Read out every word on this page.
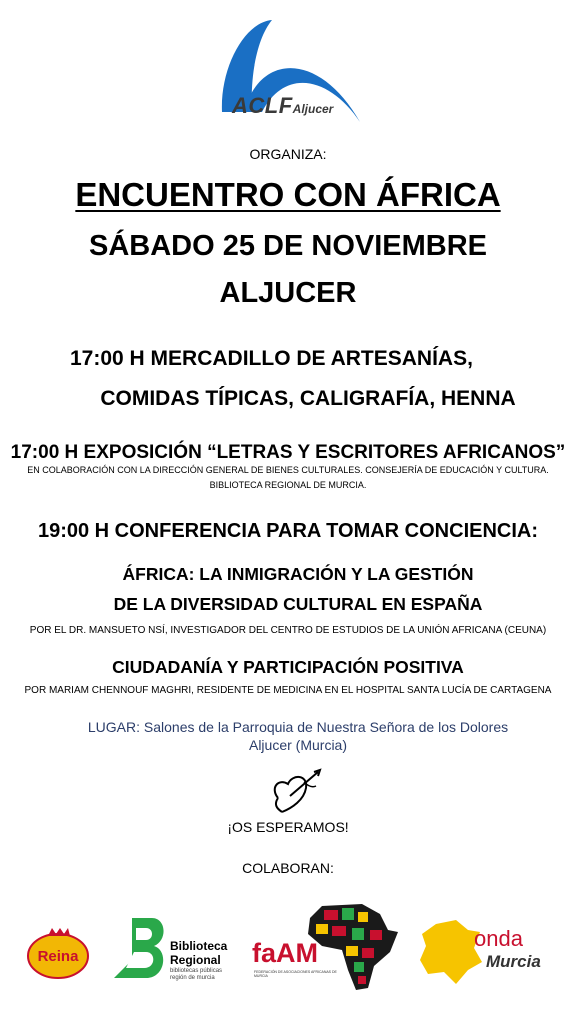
ACLFAljucer
ORGANIZA:
ENCUENTRO CON ÁFRICA
SÁBADO 25 DE NOVIEMBRE
ALJUCER
17:00 H MERCADILLO DE ARTESANÍAS,
COMIDAS TÍPICAS, CALIGRAFÍA, HENNA
17:00 H EXPOSICIÓN “LETRAS Y ESCRITORES AFRICANOS”
EN COLABORACIÓN CON LA DIRECCIÓN GENERAL DE BIENES CULTURALES. CONSEJERÍA DE EDUCACIÓN Y CULTURA.
BIBLIOTECA REGIONAL DE MURCIA.
19:00 H CONFERENCIA PARA TOMAR CONCIENCIA:
ÁFRICA: LA INMIGRACIÓN Y LA GESTIÓN
DE LA DIVERSIDAD CULTURAL EN ESPAÑA
POR EL DR. MANSUETO NSÍ, INVESTIGADOR DEL CENTRO DE ESTUDIOS DE LA UNIÓN AFRICANA (CEUNA)
CIUDADANÍA Y PARTICIPACIÓN POSITIVA
POR MARIAM CHENNOUF MAGHRI, RESIDENTE DE MEDICINA EN EL HOSPITAL SANTA LUCÍA DE CARTAGENA
LUGAR: Salones de la Parroquia de Nuestra Señora de los Dolores
Aljucer (Murcia)
¡OS ESPERAMOS!
COLABORAN:
Reina
Biblioteca
Regional
bibliotecas públicas
región de murcia
faAM
FEDERACIÓN DE ASOCIACIONES AFRICANAS DE MURCIA
onda
Murcia
